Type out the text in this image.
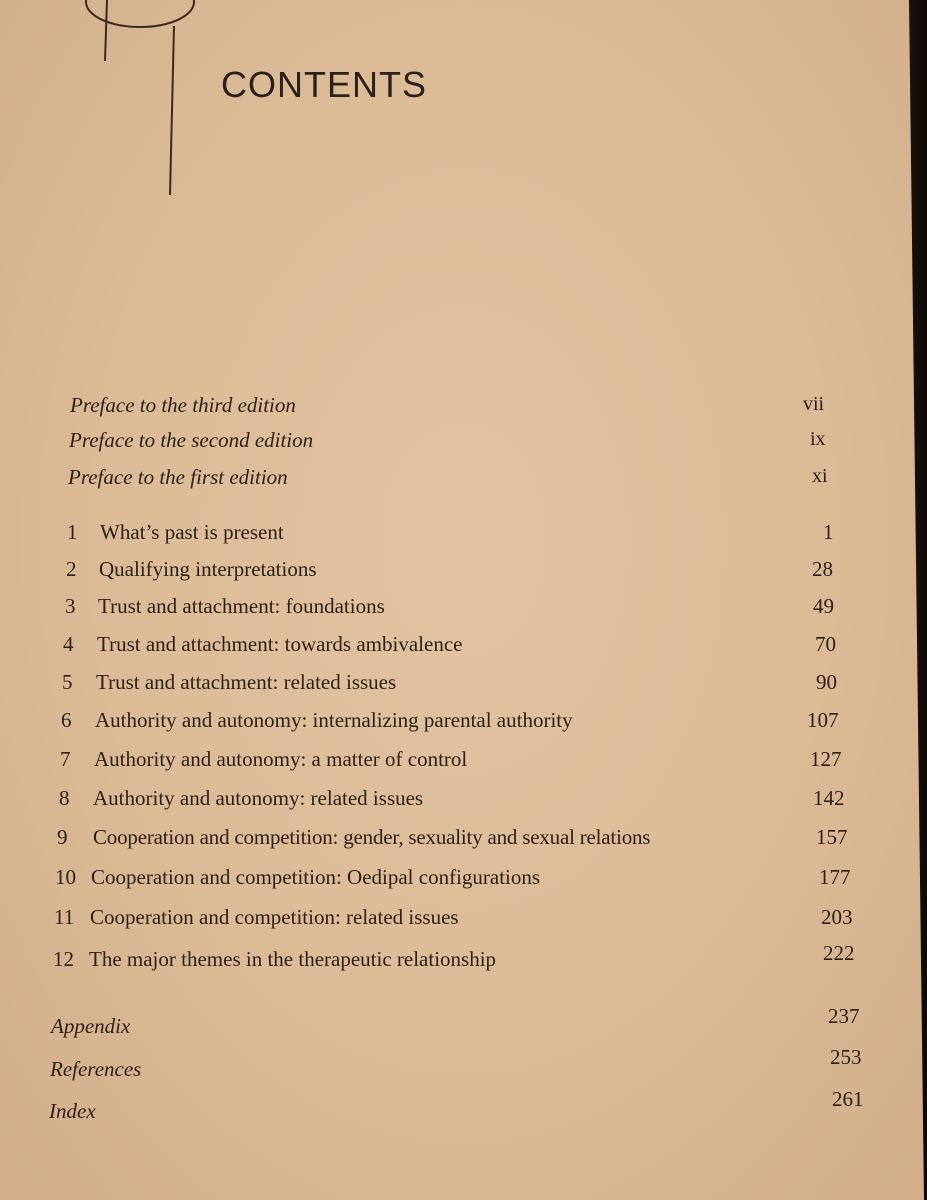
CONTENTS
Preface to the third edition	vii
Preface to the second edition	ix
Preface to the first edition	xi
1 What’s past is present	1
2 Qualifying interpretations	28
3 Trust and attachment: foundations	49
4 Trust and attachment: towards ambivalence	70
5 Trust and attachment: related issues	90
6 Authority and autonomy: internalizing parental authority	107
7 Authority and autonomy: a matter of control	127
8 Authority and autonomy: related issues	142
9 Cooperation and competition: gender, sexuality and sexual relations	157
10 Cooperation and competition: Oedipal configurations	177
11 Cooperation and competition: related issues	203
12 The major themes in the therapeutic relationship	222
Appendix	237
References	253
Index	261
